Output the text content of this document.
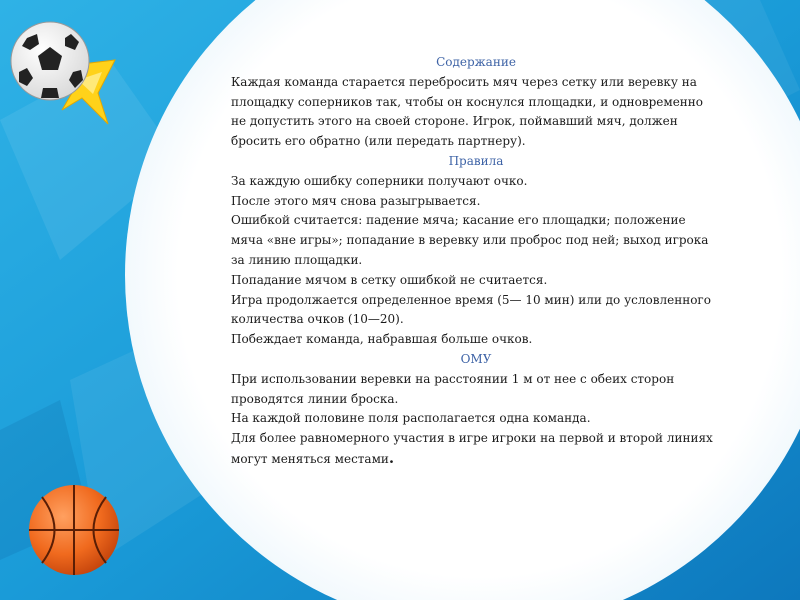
Содержание

Каждая команда старается перебросить мяч через сетку или веревку на площадку соперников так, чтобы он коснулся площадки, и одновременно не допустить этого на своей стороне. Игрок, поймавший мяч, должен бросить его обратно (или передать партнеру).

Правила

За каждую ошибку соперники получают очко.

После этого мяч снова разыгрывается.

Ошибкой считается: падение мяча; касание его площадки; положение мяча «вне игры»; попадание в веревку или проброс под ней; выход игрока за линию площадки.

Попадание мячом в сетку ошибкой не считается.

Игра продолжается определенное время (5— 10 мин) или до условленного количества очков (10—20).

Побеждает команда, набравшая больше очков.

ОМУ

При использовании веревки на расстоянии 1 м от нее с обеих сторон проводятся линии броска.

На каждой половине поля располагается одна команда.

Для более равномерного участия в игре игроки на первой и второй линиях могут меняться местами.
